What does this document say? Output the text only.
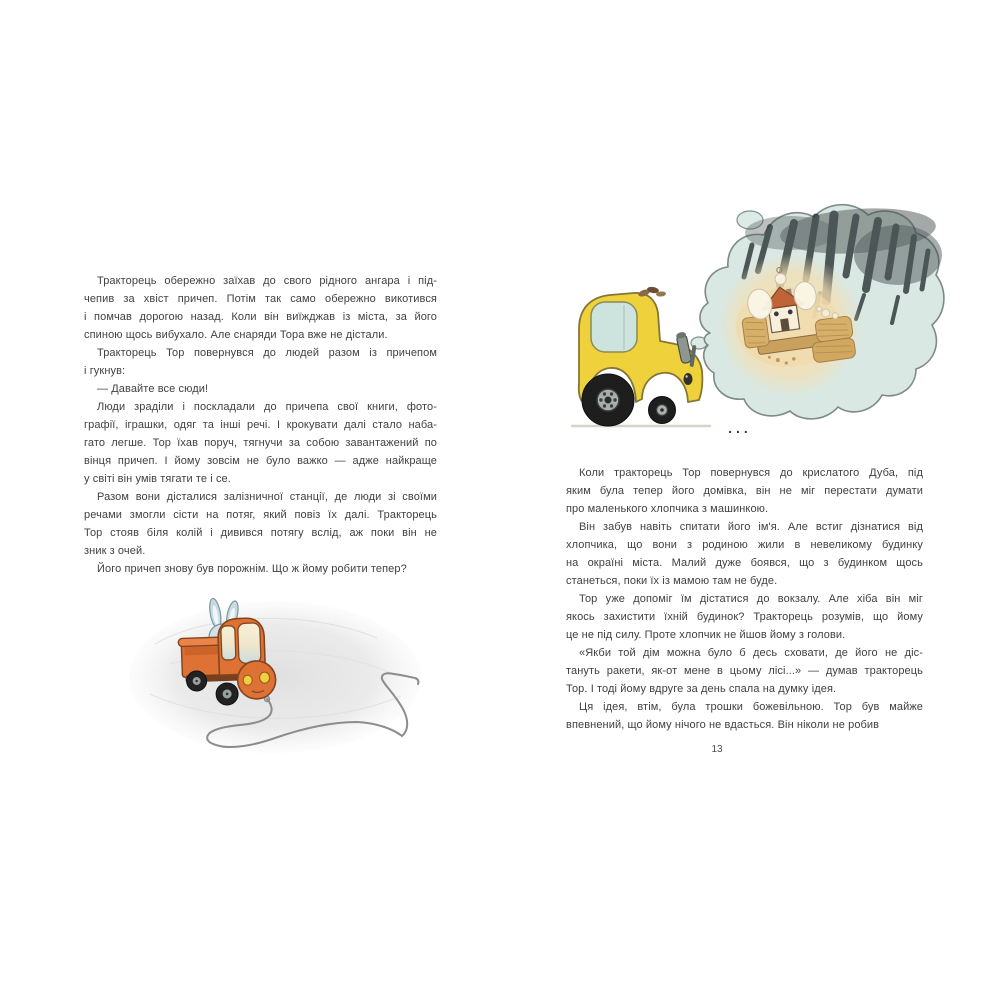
Тракторець обережно заїхав до свого рідного ангара і під-
чепив за хвіст причеп. Потім так само обережно викотився
і помчав дорогою назад. Коли він виїжджав із міста, за його
спиною щось вибухало. Але снаряди Тора вже не дістали.

Тракторець Тор повернувся до людей разом із причепом
і гукнув:

— Давайте все сюди!

Люди зраділи і поскладали до причепа свої книги, фото-
графії, іграшки, одяг та інші речі. І крокувати далі стало наба-
гато легше. Тор їхав поруч, тягнучи за собою завантажений по
вінця причеп. І йому зовсім не було важко — адже найкраще
у світі він умів тягати те і се.

Разом вони дісталися залізничної станції, де люди зі своїми
речами змогли сісти на потяг, який повіз їх далі. Тракторець
Тор стояв біля колій і дивився потягу вслід, аж поки він не
зник з очей.

Його причеп знову був порожнім. Що ж йому робити тепер?

...

Коли тракторець Тор повернувся до крислатого Дуба, під
яким була тепер його домівка, він не міг перестати думати
про маленького хлопчика з машинкою.

Він забув навіть спитати його ім'я. Але встиг дізнатися від
хлопчика, що вони з родиною жили в невеликому будинку
на окраїні міста. Малий дуже боявся, що з будинком щось
станеться, поки їх із мамою там не буде.

Тор уже допоміг їм дістатися до вокзалу. Але хіба він міг
якось захистити їхній будинок? Тракторець розумів, що йому
це не під силу. Проте хлопчик не йшов йому з голови.

«Якби той дім можна було б десь сховати, де його не діс-
тануть ракети, як-от мене в цьому лісі...» — думав тракторець
Тор. І тоді йому вдруге за день спала на думку ідея.

Ця ідея, втім, була трошки божевільною. Тор був майже
впевнений, що йому нічого не вдасться. Він ніколи не робив

13
